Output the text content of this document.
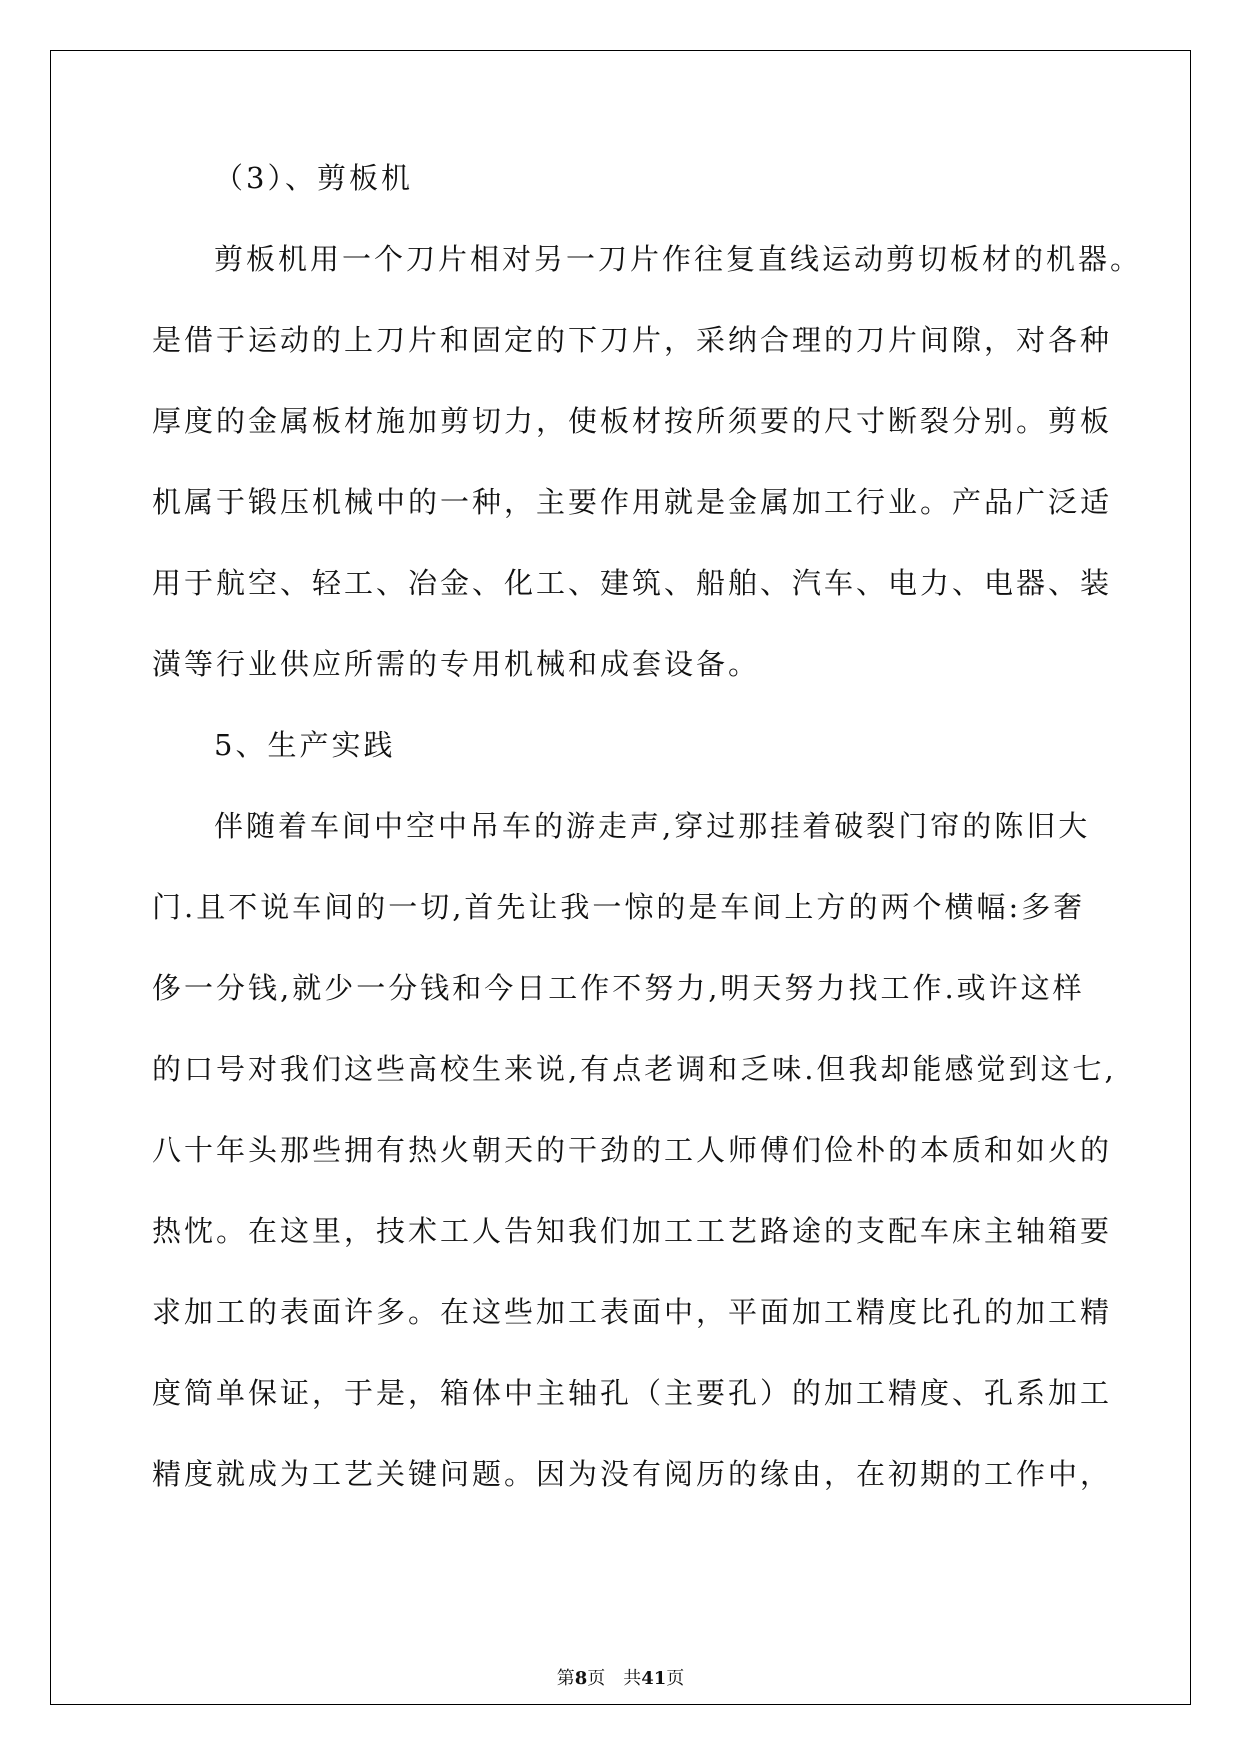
（3）、剪板机
剪板机用一个刀片相对另一刀片作往复直线运动剪切板材的机器。
是借于运动的上刀片和固定的下刀片，采纳合理的刀片间隙，对各种
厚度的金属板材施加剪切力，使板材按所须要的尺寸断裂分别。剪板
机属于锻压机械中的一种，主要作用就是金属加工行业。产品广泛适
用于航空、轻工、冶金、化工、建筑、船舶、汽车、电力、电器、装
潢等行业供应所需的专用机械和成套设备。
5、生产实践
伴随着车间中空中吊车的游走声,穿过那挂着破裂门帘的陈旧大
门.且不说车间的一切,首先让我一惊的是车间上方的两个横幅:多奢
侈一分钱,就少一分钱和今日工作不努力,明天努力找工作.或许这样
的口号对我们这些高校生来说,有点老调和乏味.但我却能感觉到这七,
八十年头那些拥有热火朝天的干劲的工人师傅们俭朴的本质和如火的
热忱。在这里，技术工人告知我们加工工艺路途的支配车床主轴箱要
求加工的表面许多。在这些加工表面中，平面加工精度比孔的加工精
度简单保证，于是，箱体中主轴孔（主要孔）的加工精度、孔系加工
精度就成为工艺关键问题。因为没有阅历的缘由，在初期的工作中，
第8页　共41页
